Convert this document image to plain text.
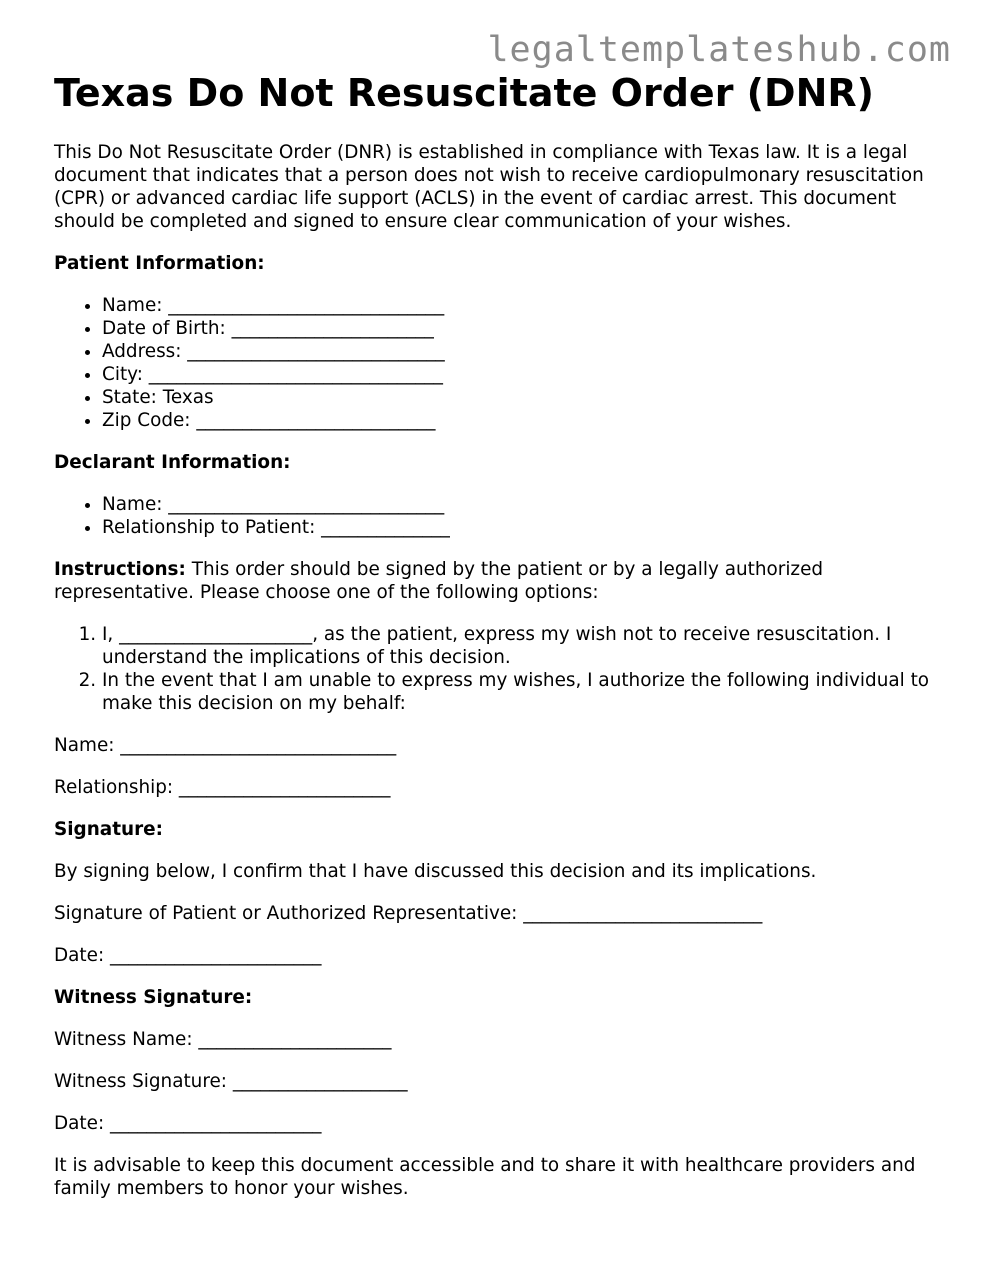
legaltemplateshub.com
Texas Do Not Resuscitate Order (DNR)

This Do Not Resuscitate Order (DNR) is established in compliance with Texas law. It is a legal document that indicates that a person does not wish to receive cardiopulmonary resuscitation (CPR) or advanced cardiac life support (ACLS) in the event of cardiac arrest. This document should be completed and signed to ensure clear communication of your wishes.

Patient Information:

• Name: ______________________________
• Date of Birth: ______________________
• Address: ____________________________
• City: ________________________________
• State: Texas
• Zip Code: __________________________

Declarant Information:

• Name: ______________________________
• Relationship to Patient: ______________

Instructions: This order should be signed by the patient or by a legally authorized representative. Please choose one of the following options:

1. I, _____________________, as the patient, express my wish not to receive resuscitation. I understand the implications of this decision.
2. In the event that I am unable to express my wishes, I authorize the following individual to make this decision on my behalf:

Name: ______________________________

Relationship: _______________________

Signature:

By signing below, I confirm that I have discussed this decision and its implications.

Signature of Patient or Authorized Representative: __________________________

Date: _______________________

Witness Signature:

Witness Name: _____________________

Witness Signature: ___________________

Date: _______________________

It is advisable to keep this document accessible and to share it with healthcare providers and family members to honor your wishes.
